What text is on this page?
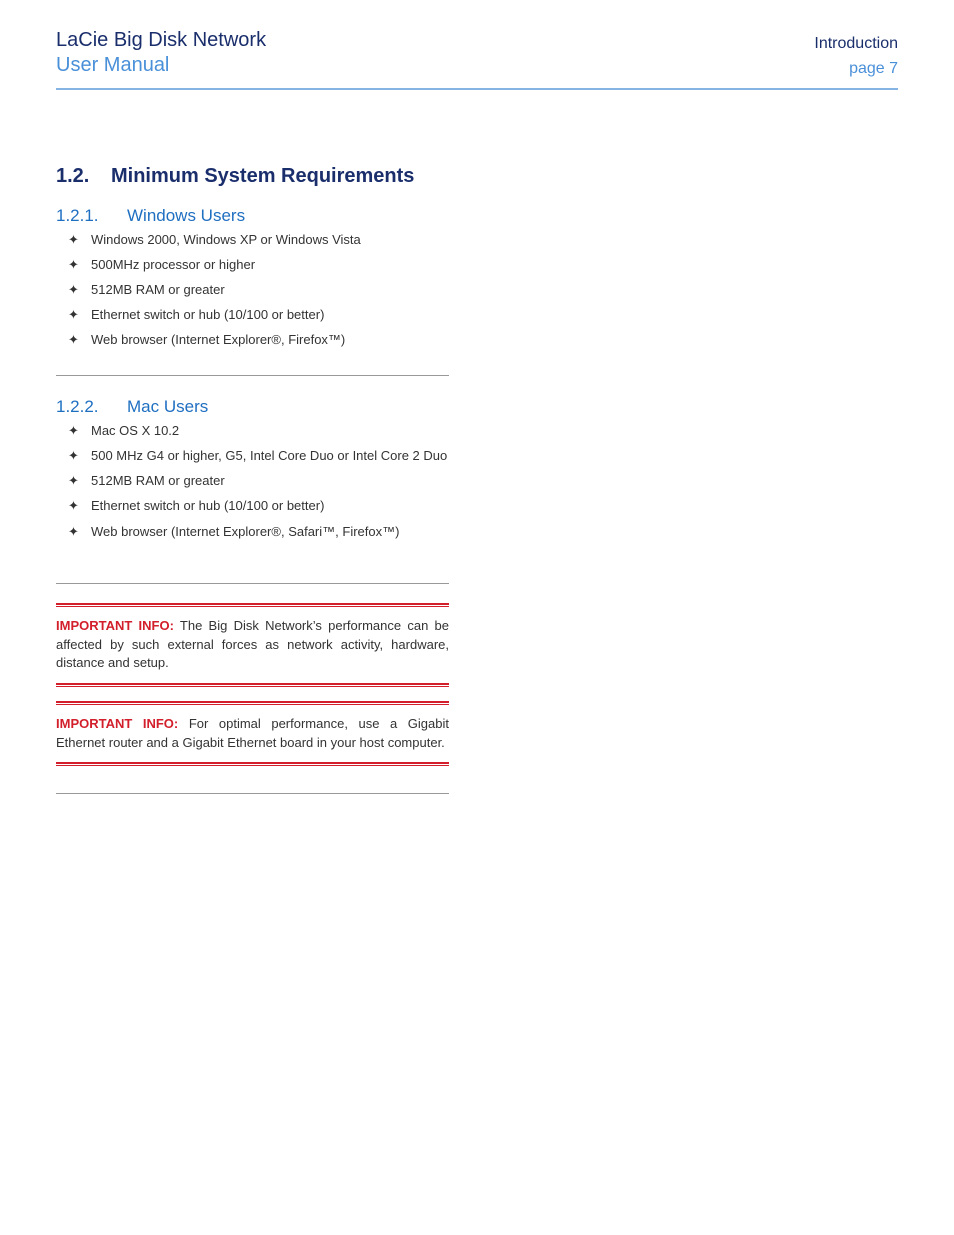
LaCie Big Disk Network
User Manual
Introduction
page 7
1.2.	Minimum System Requirements
1.2.1.	Windows Users
✦ Windows 2000, Windows XP or Windows Vista
✦ 500MHz processor or higher
✦ 512MB RAM or greater
✦ Ethernet switch or hub (10/100 or better)
✦ Web browser (Internet Explorer®, Firefox™)
1.2.2.	Mac Users
✦ Mac OS X 10.2
✦ 500 MHz G4 or higher, G5, Intel Core Duo or Intel Core 2 Duo
✦ 512MB RAM or greater
✦ Ethernet switch or hub (10/100 or better)
✦ Web browser (Internet Explorer®, Safari™, Firefox™)
IMPORTANT INFO: The Big Disk Network’s performance can be affected by such external forces as network activity, hardware, distance and setup.
IMPORTANT INFO: For optimal performance, use a Gigabit Ethernet router and a Gigabit Ethernet board in your host computer.
